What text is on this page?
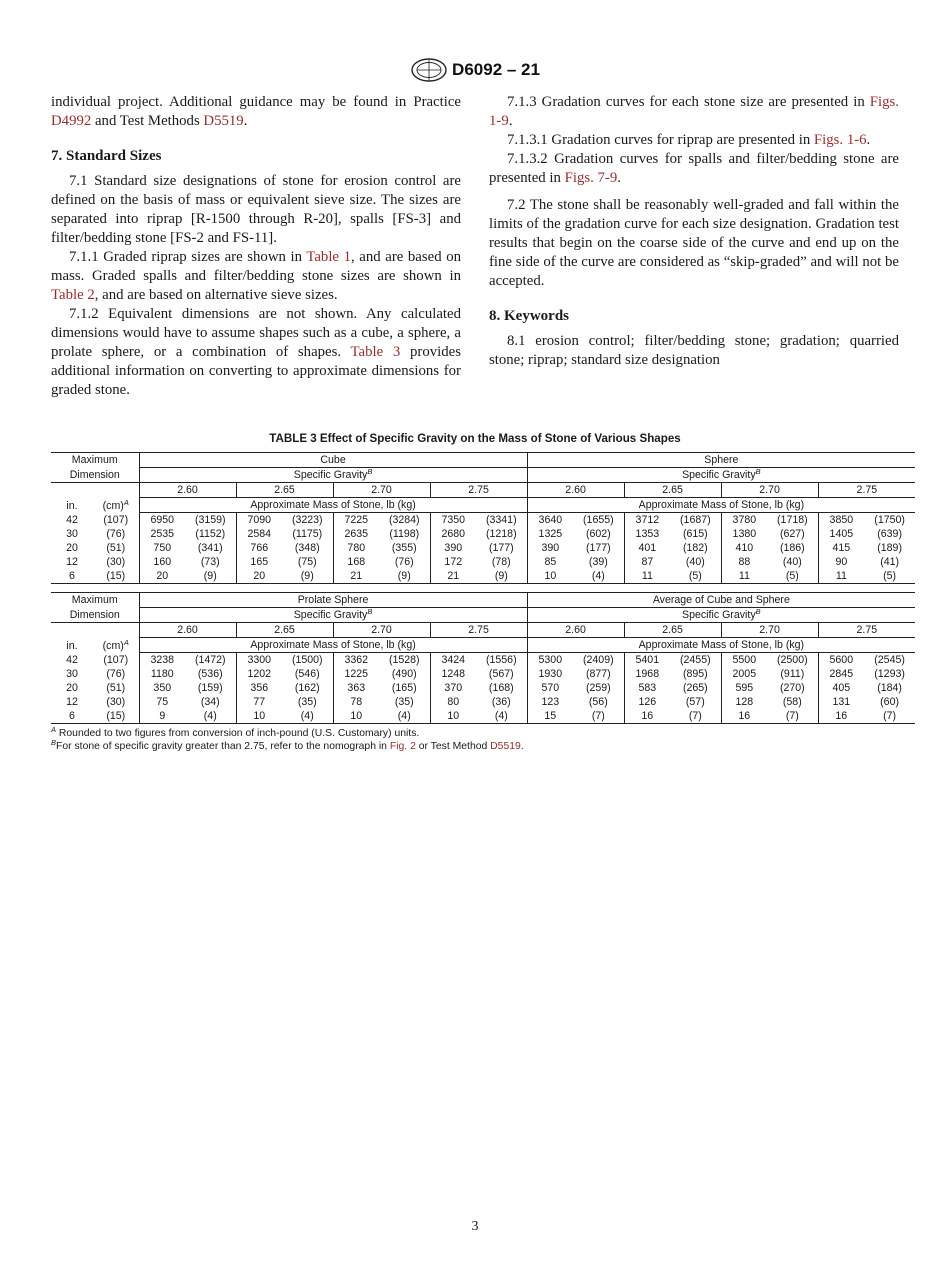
D6092 – 21

individual project. Additional guidance may be found in Practice D4992 and Test Methods D5519.

7. Standard Sizes

7.1 Standard size designations of stone for erosion control are defined on the basis of mass or equivalent sieve size. The sizes are separated into riprap [R-1500 through R-20], spalls [FS-3] and filter/bedding stone [FS-2 and FS-11].

7.1.1 Graded riprap sizes are shown in Table 1, and are based on mass. Graded spalls and filter/bedding stone sizes are shown in Table 2, and are based on alternative sieve sizes.

7.1.2 Equivalent dimensions are not shown. Any calculated dimensions would have to assume shapes such as a cube, a sphere, a prolate sphere, or a combination of shapes. Table 3 provides additional information on converting to approximate dimensions for graded stone.

7.1.3 Gradation curves for each stone size are presented in Figs. 1-9.

7.1.3.1 Gradation curves for riprap are presented in Figs. 1-6.

7.1.3.2 Gradation curves for spalls and filter/bedding stone are presented in Figs. 7-9.

7.2 The stone shall be reasonably well-graded and fall within the limits of the gradation curve for each size designation. Gradation test results that begin on the coarse side of the curve and end up on the fine side of the curve are considered as “skip-graded” and will not be accepted.

8. Keywords

8.1 erosion control; filter/bedding stone; gradation; quarried stone; riprap; standard size designation

TABLE 3 Effect of Specific Gravity on the Mass of Stone of Various Shapes
Maximum		Cube								Sphere							
Dimension		Specific Gravity$^B$								Specific Gravity$^B$
in.	(cm)$^A$	2.60		2.65		2.70		2.75		2.60		2.65		2.70		2.75	
		Approximate Mass of Stone, lb (kg)								Approximate Mass of Stone, lb (kg)							
42	(107)	6950	(3159)	7090	(3223)	7225	(3284)	7350	(3341)	3640	(1655)	3712	(1687)	3780	(1718)	3850	(1750)
30	(76)	2535	(1152)	2584	(1175)	2635	(1198)	2680	(1218)	1325	(602)	1353	(615)	1380	(627)	1405	(639)
20	(51)	750	(341)	766	(348)	780	(355)	390	(177)	390	(177)	401	(182)	410	(186)	415	(189)
12	(30)	160	(73)	165	(75)	168	(76)	172	(78)	85	(39)	87	(40)	88	(40)	90	(41)
6	(15)	20	(9)	20	(9)	21	(9)	21	(9)	10	(4)	11	(5)	11	(5)	11	(5)
Maximum		Prolate Sphere								Average of Cube and Sphere							
Dimension		Specific Gravity$^B$								Specific Gravity$^B$
in.	(cm)$^A$	2.60		2.65		2.70		2.75		2.60		2.65		2.70		2.75	
		Approximate Mass of Stone, lb (kg)								Approximate Mass of Stone, lb (kg)							
42	(107)	3238	(1472)	3300	(1500)	3362	(1528)	3424	(1556)	5300	(2409)	5401	(2455)	5500	(2500)	5600	(2545)
30	(76)	1180	(536)	1202	(546)	1225	(490)	1248	(567)	1930	(877)	1968	(895)	2005	(911)	2845	(1293)
20	(51)	350	(159)	356	(162)	363	(165)	370	(168)	570	(259)	583	(265)	595	(270)	405	(184)
12	(30)	75	(34)	77	(35)	78	(35)	80	(36)	123	(56)	126	(57)	128	(58)	131	(60)
6	(15)	9	(4)	10	(4)	10	(4)	10	(4)	15	(7)	16	(7)	16	(7)	16	(7)
$^A$ Rounded to two figures from conversion of inch-pound (U.S. Customary) units.
$^B$For stone of specific gravity greater than 2.75, refer to the nomograph in Fig. 2 or Test Method D5519.
3
